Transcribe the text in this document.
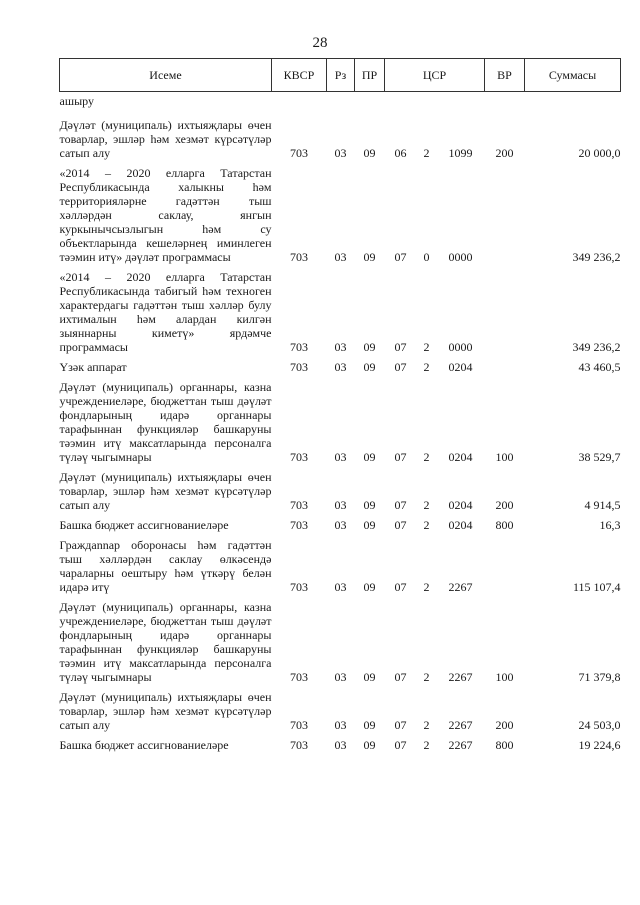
28
Исеме	КВСР	Рз	ПР	ЦСР			ВР	Суммасы
ашыру								
Дәүләт (муниципаль) ихтыяҗлары өчен товарлар, эшләр һәм хезмәт күрсәтүләр сатып алу	703	03	09	06	2	1099	200	20 000,0
«2014 – 2020 елларга Татарстан Республикасында халыкны һәм территорияләрне гадәттән тыш хәлләрдән саклау, янгын куркынычсызлыгын һәм су объектларында кешеләрнең иминлеген тәэмин итү» дәүләт программасы	703	03	09	07	0	0000		349 236,2
«2014 – 2020 елларга Татарстан Республикасында табигый һәм техноген характердагы гадәттән тыш хәлләр булу ихтималын һәм алардан килгән зыяннарны киметү» ярдәмче программасы	703	03	09	07	2	0000		349 236,2
Үзәк аппарат	703	03	09	07	2	0204		43 460,5
Дәүләт (муниципаль) органнары, казна учреждениеләре, бюджеттан тыш дәүләт фондларының идарә органнары тарафыннан функцияләр башкаруны тәэмин итү максатларында персоналга түләү чыгымнары	703	03	09	07	2	0204	100	38 529,7
Дәүләт (муниципаль) ихтыяҗлары өчен товарлар, эшләр һәм хезмәт күрсәтүләр сатып алу	703	03	09	07	2	0204	200	4 914,5
Башка бюджет ассигнованиеләре	703	03	09	07	2	0204	800	16,3
Граждannар оборонасы һәм гадәттән тыш хәлләрдән саклау өлкәсендә чараларны оештыру һәм үткәрү белән идарә итү	703	03	09	07	2	2267		115 107,4
Дәүләт (муниципаль) органнары, казна учреждениеләре, бюджеттан тыш дәүләт фондларының идарә органнары тарафыннан функцияләр башкаруны тәэмин итү максатларында персоналга түләү чыгымнары	703	03	09	07	2	2267	100	71 379,8
Дәүләт (муниципаль) ихтыяҗлары өчен товарлар, эшләр һәм хезмәт күрсәтүләр сатып алу	703	03	09	07	2	2267	200	24 503,0
Башка бюджет ассигнованиеләре	703	03	09	07	2	2267	800	19 224,6
